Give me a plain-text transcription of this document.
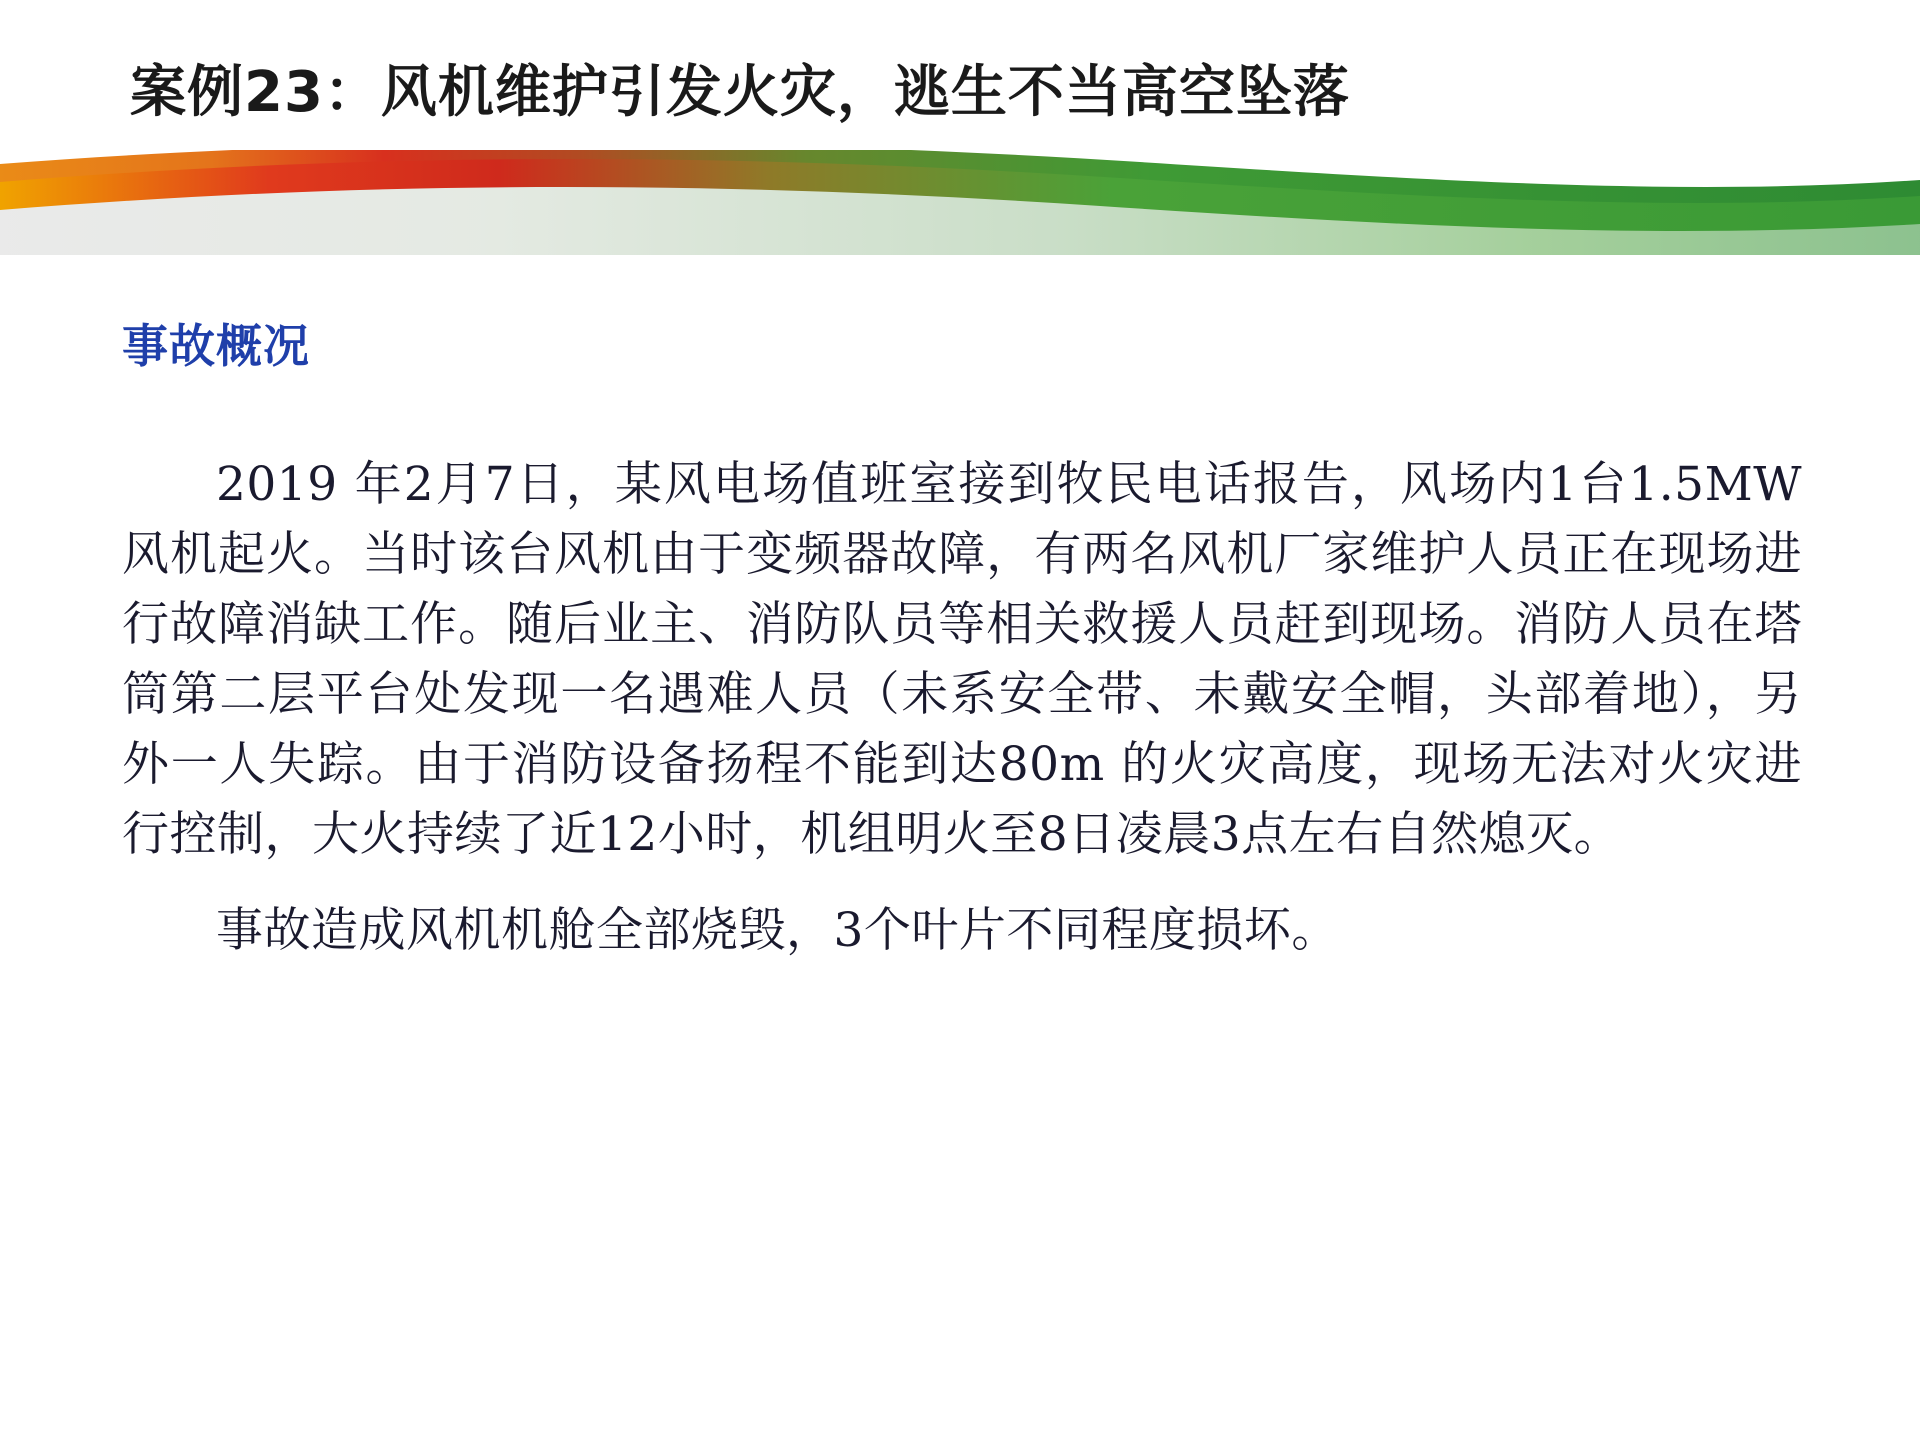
案例23：风机维护引发火灾，逃生不当高空坠落
事故概况

2019 年2月7日，某风电场值班室接到牧民电话报告，风场内1台1.5MW风机起火。当时该台风机由于变频器故障，有两名风机厂家维护人员正在现场进行故障消缺工作。随后业主、消防队员等相关救援人员赶到现场。消防人员在塔筒第二层平台处发现一名遇难人员（未系安全带、未戴安全帽，头部着地），另外一人失踪。由于消防设备扬程不能到达80m 的火灾高度，现场无法对火灾进行控制，大火持续了近12小时，机组明火至8日凌晨3点左右自然熄灭。

事故造成风机机舱全部烧毁，3个叶片不同程度损坏。
